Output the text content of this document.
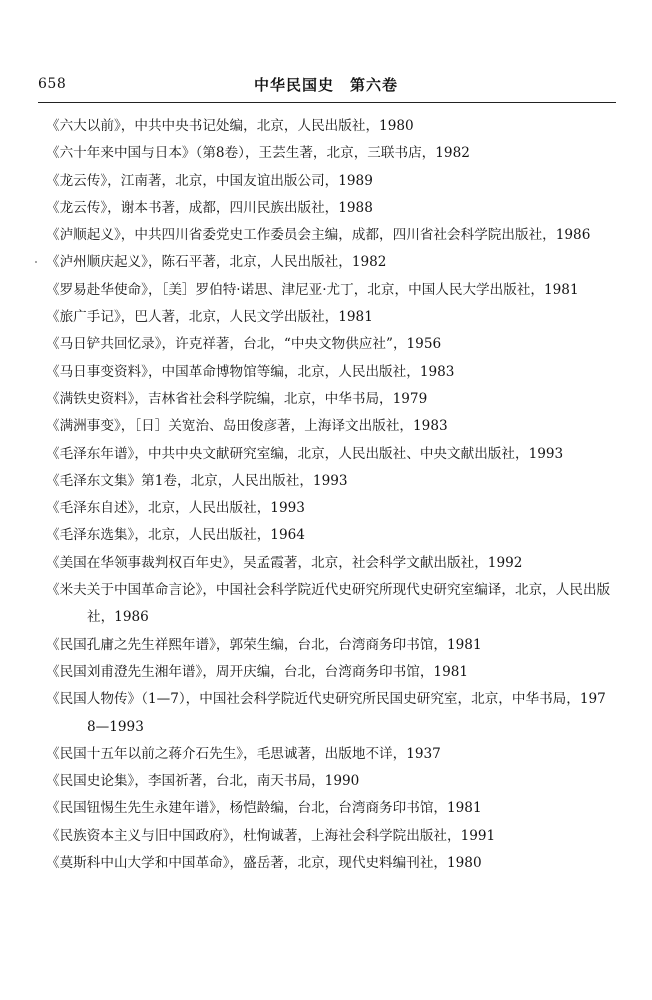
658	中华民国史　第六卷

《六大以前》，中共中央书记处编，北京，人民出版社，1980

《六十年来中国与日本》（第8卷），王芸生著，北京，三联书店，1982

《龙云传》，江南著，北京，中国友谊出版公司，1989

《龙云传》，谢本书著，成都，四川民族出版社，1988

《泸顺起义》，中共四川省委党史工作委员会主编，成都，四川省社会科学院出版社，1986

《泸州顺庆起义》，陈石平著，北京，人民出版社，1982

《罗易赴华使命》，［美］罗伯特·诺思、津尼亚·尤丁，北京，中国人民大学出版社，1981

《旅广手记》，巴人著，北京，人民文学出版社，1981

《马日铲共回忆录》，许克祥著，台北，“中央文物供应社”，1956

《马日事变资料》，中国革命博物馆等编，北京，人民出版社，1983

《满铁史资料》，吉林省社会科学院编，北京，中华书局，1979

《满洲事变》，［日］关宽治、岛田俊彦著，上海译文出版社，1983

《毛泽东年谱》，中共中央文献研究室编，北京，人民出版社、中央文献出版社，1993

《毛泽东文集》第1卷，北京，人民出版社，1993

《毛泽东自述》，北京，人民出版社，1993

《毛泽东选集》，北京，人民出版社，1964

《美国在华领事裁判权百年史》，吴孟霞著，北京，社会科学文献出版社，1992

《米夫关于中国革命言论》，中国社会科学院近代史研究所现代史研究室编译，北京，人民出版社，1986

《民国孔庸之先生祥熙年谱》，郭荣生编，台北，台湾商务印书馆，1981

《民国刘甫澄先生湘年谱》，周开庆编，台北，台湾商务印书馆，1981

《民国人物传》（1—7），中国社会科学院近代史研究所民国史研究室，北京，中华书局，1978—1993

《民国十五年以前之蒋介石先生》，毛思诚著，出版地不详，1937

《民国史论集》，李国祈著，台北，南天书局，1990

《民国钮惕生先生永建年谱》，杨恺龄编，台北，台湾商务印书馆，1981

《民族资本主义与旧中国政府》，杜恂诚著，上海社会科学院出版社，1991

《莫斯科中山大学和中国革命》，盛岳著，北京，现代史料编刊社，1980
